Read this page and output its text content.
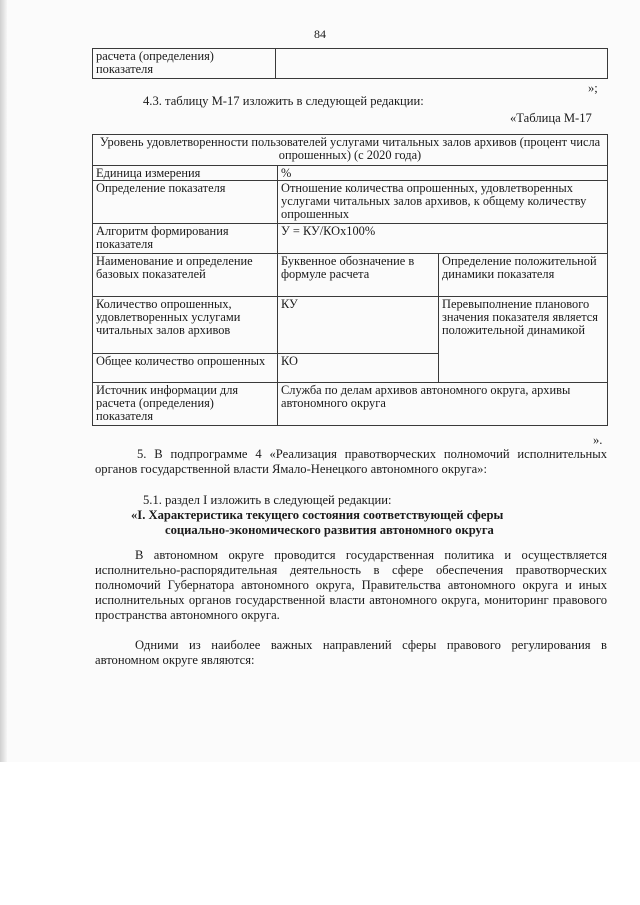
84
расчета (определения) показателя	
»;
4.3. таблицу М-17 изложить в следующей редакции:
«Таблица М-17
Уровень удовлетворенности пользователей услугами читальных залов архивов (процент числа опрошенных) (с 2020 года)		
Единица измерения	%	
Определение показателя	Отношение количества опрошенных, удовлетворенных услугами читальных залов архивов, к общему количеству опрошенных	
Алгоритм формирования показателя	У = КУ/КОх100%	
Наименование и определение базовых показателей	Буквенное обозначение в формуле расчета	Определение положительной динамики показателя
Количество опрошенных, удовлетворенных услугами читальных залов архивов	КУ	Перевыполнение планового значения показателя является положительной динамикой
Общее количество опрошенных	КО	
Источник информации для расчета (определения) показателя	Служба по делам архивов автономного округа, архивы автономного округа	
».
5. В подпрограмме 4 «Реализация правотворческих полномочий исполнительных органов государственной власти Ямало-Ненецкого автономного округа»:
5.1. раздел I изложить в следующей редакции:
«I. Характеристика текущего состояния соответствующей сферы
социально-экономического развития автономного округа
В автономном округе проводится государственная политика и осуществляется исполнительно-распорядительная деятельность в сфере обеспечения правотворческих полномочий Губернатора автономного округа, Правительства автономного округа и иных исполнительных органов государственной власти автономного округа, мониторинг правового пространства автономного округа.
Одними из наиболее важных направлений сферы правового регулирования в автономном округе являются:
